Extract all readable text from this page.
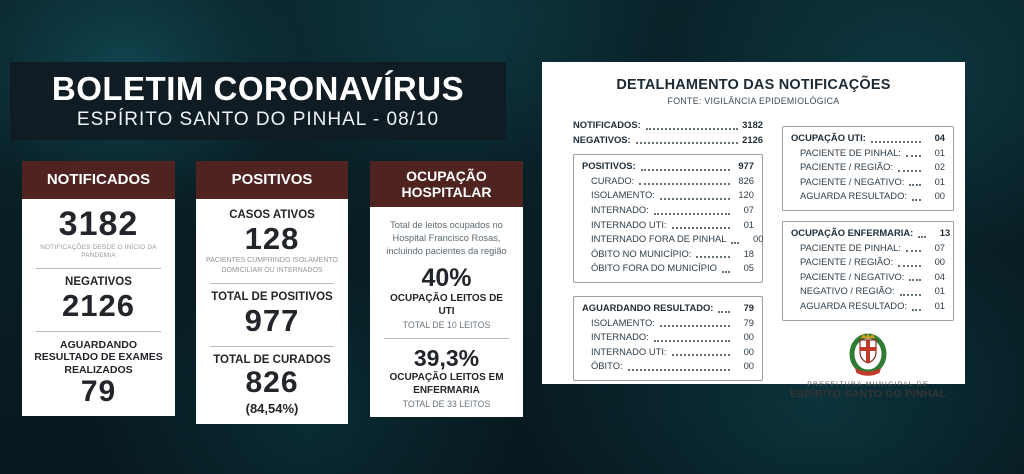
BOLETIM CORONAVÍRUS
ESPÍRITO SANTO DO PINHAL - 08/10
NOTIFICADOS
3182
NOTIFICAÇÕES DESDE O INÍCIO DA PANDEMIA
NEGATIVOS
2126
AGUARDANDO RESULTADO DE EXAMES REALIZADOS
79
POSITIVOS
CASOS ATIVOS
128
PACIENTES CUMPRINDO ISOLAMENTO DOMICILIAR OU INTERNADOS
TOTAL DE POSITIVOS
977
TOTAL DE CURADOS
826
(84,54%)
OCUPAÇÃO HOSPITALAR
Total de leitos ocupados no Hospital Francisco Rosas, incluindo pacientes da região
40%
OCUPAÇÃO LEITOS DE UTI
TOTAL DE 10 LEITOS
39,3%
OCUPAÇÃO LEITOS EM ENFERMARIA
TOTAL DE 33 LEITOS
DETALHAMENTO DAS NOTIFICAÇÕES
FONTE: VIGILÂNCIA EPIDEMIOLÓGICA
NOTIFICADOS:	3182
NEGATIVOS:	2126
POSITIVOS:	977
CURADO:	826
ISOLAMENTO:	120
INTERNADO:	07
INTERNADO UTI:	01
INTERNADO FORA DE PINHAL	00
ÓBITO NO MUNICÍPIO:	18
ÓBITO FORA DO MUNICÍPIO	05
AGUARDANDO RESULTADO:	79
ISOLAMENTO:	79
INTERNADO:	00
INTERNADO UTI:	00
ÓBITO:	00
OCUPAÇÃO UTI:	04
PACIENTE DE PINHAL:	01
PACIENTE / REGIÃO:	02
PACIENTE / NEGATIVO:	01
AGUARDA RESULTADO:	00
OCUPAÇÃO ENFERMARIA:	13
PACIENTE DE PINHAL:	07
PACIENTE / REGIÃO:	00
PACIENTE / NEGATIVO:	04
NEGATIVO / REGIÃO:	01
AGUARDA RESULTADO:	01
PREFEITURA MUNICIPAL DE
ESPÍRITO SANTO DO PINHAL
